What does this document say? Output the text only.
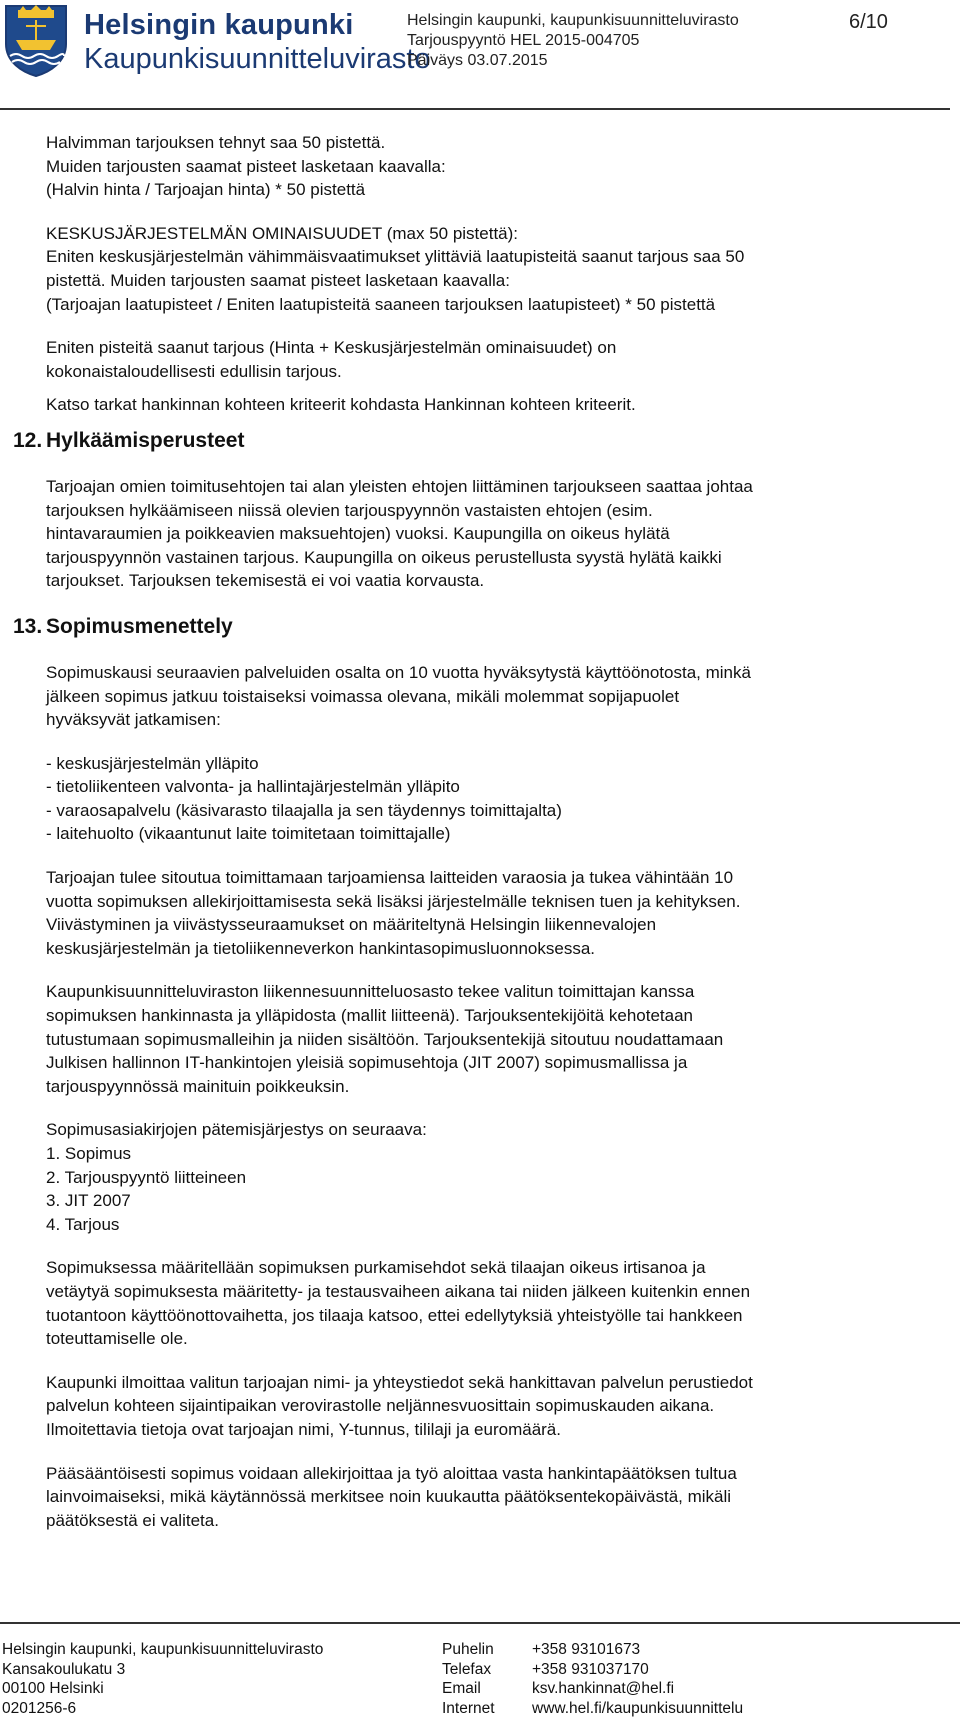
Helsingin kaupunki
Kaupunkisuunnitteluvirasto
Helsingin kaupunki, kaupunkisuunnitteluvirasto
Tarjouspyyntö HEL 2015-004705
Päiväys 03.07.2015
6/10

Halvimman tarjouksen tehnyt saa 50 pistettä.
Muiden tarjousten saamat pisteet lasketaan kaavalla:
(Halvin hinta / Tarjoajan hinta) * 50 pistettä

KESKUSJÄRJESTELMÄN OMINAISUUDET (max 50 pistettä):
Eniten keskusjärjestelmän vähimmäisvaatimukset ylittäviä laatupisteitä saanut tarjous saa 50
pistettä. Muiden tarjousten saamat pisteet lasketaan kaavalla:
(Tarjoajan laatupisteet / Eniten laatupisteitä saaneen tarjouksen laatupisteet) * 50 pistettä

Eniten pisteitä saanut tarjous (Hinta + Keskusjärjestelmän ominaisuudet) on
kokonaistaloudellisesti edullisin tarjous.

Katso tarkat hankinnan kohteen kriteerit kohdasta Hankinnan kohteen kriteerit.

12. Hylkäämisperusteet

Tarjoajan omien toimitusehtojen tai alan yleisten ehtojen liittäminen tarjoukseen saattaa johtaa
tarjouksen hylkäämiseen niissä olevien tarjouspyynnön vastaisten ehtojen (esim.
hintavaraumien ja poikkeavien maksuehtojen) vuoksi. Kaupungilla on oikeus hylätä
tarjouspyynnön vastainen tarjous. Kaupungilla on oikeus perustellusta syystä hylätä kaikki
tarjoukset. Tarjouksen tekemisestä ei voi vaatia korvausta.

13. Sopimusmenettely

Sopimuskausi seuraavien palveluiden osalta on 10 vuotta hyväksytystä käyttöönotosta, minkä
jälkeen sopimus jatkuu toistaiseksi voimassa olevana, mikäli molemmat sopijapuolet
hyväksyvät jatkamisen:

- keskusjärjestelmän ylläpito

- tietoliikenteen valvonta- ja hallintajärjestelmän ylläpito

- varaosapalvelu (käsivarasto tilaajalla ja sen täydennys toimittajalta)

- laitehuolto (vikaantunut laite toimitetaan toimittajalle)

Tarjoajan tulee sitoutua toimittamaan tarjoamiensa laitteiden varaosia ja tukea vähintään 10
vuotta sopimuksen allekirjoittamisesta sekä lisäksi järjestelmälle teknisen tuen ja kehityksen.
Viivästyminen ja viivästysseuraamukset on määriteltynä Helsingin liikennevalojen
keskusjärjestelmän ja tietoliikenneverkon hankintasopimusluonnoksessa.

Kaupunkisuunnitteluviraston liikennesuunnitteluosasto tekee valitun toimittajan kanssa
sopimuksen hankinnasta ja ylläpidosta (mallit liitteenä). Tarjouksentekijöitä kehotetaan
tutustumaan sopimusmalleihin ja niiden sisältöön. Tarjouksentekijä sitoutuu noudattamaan
Julkisen hallinnon IT-hankintojen yleisiä sopimusehtoja (JIT 2007) sopimusmallissa ja
tarjouspyynnössä mainituin poikkeuksin.

Sopimusasiakirjojen pätemisjärjestys on seuraava:

1. Sopimus

2. Tarjouspyyntö liitteineen

3. JIT 2007

4. Tarjous

Sopimuksessa määritellään sopimuksen purkamisehdot sekä tilaajan oikeus irtisanoa ja
vetäytyä sopimuksesta määritetty- ja testausvaiheen aikana tai niiden jälkeen kuitenkin ennen
tuotantoon käyttöönottovaihetta, jos tilaaja katsoo, ettei edellytyksiä yhteistyölle tai hankkeen
toteuttamiselle ole.

Kaupunki ilmoittaa valitun tarjoajan nimi- ja yhteystiedot sekä hankittavan palvelun perustiedot
palvelun kohteen sijaintipaikan verovirastolle neljännesvuosittain sopimuskauden aikana.
Ilmoitettavia tietoja ovat tarjoajan nimi, Y-tunnus, tililaji ja euromäärä.

Pääsääntöisesti sopimus voidaan allekirjoittaa ja työ aloittaa vasta hankintapäätöksen tultua
lainvoimaiseksi, mikä käytännössä merkitsee noin kuukautta päätöksentekopäivästä, mikäli
päätöksestä ei valiteta.

Helsingin kaupunki, kaupunkisuunnitteluvirasto
Kansakoulukatu 3
00100 Helsinki
0201256-6
Puhelin
Telefax
Email
Internet
+358 93101673
+358 931037170
ksv.hankinnat@hel.fi
www.hel.fi/kaupunkisuunnittelu
